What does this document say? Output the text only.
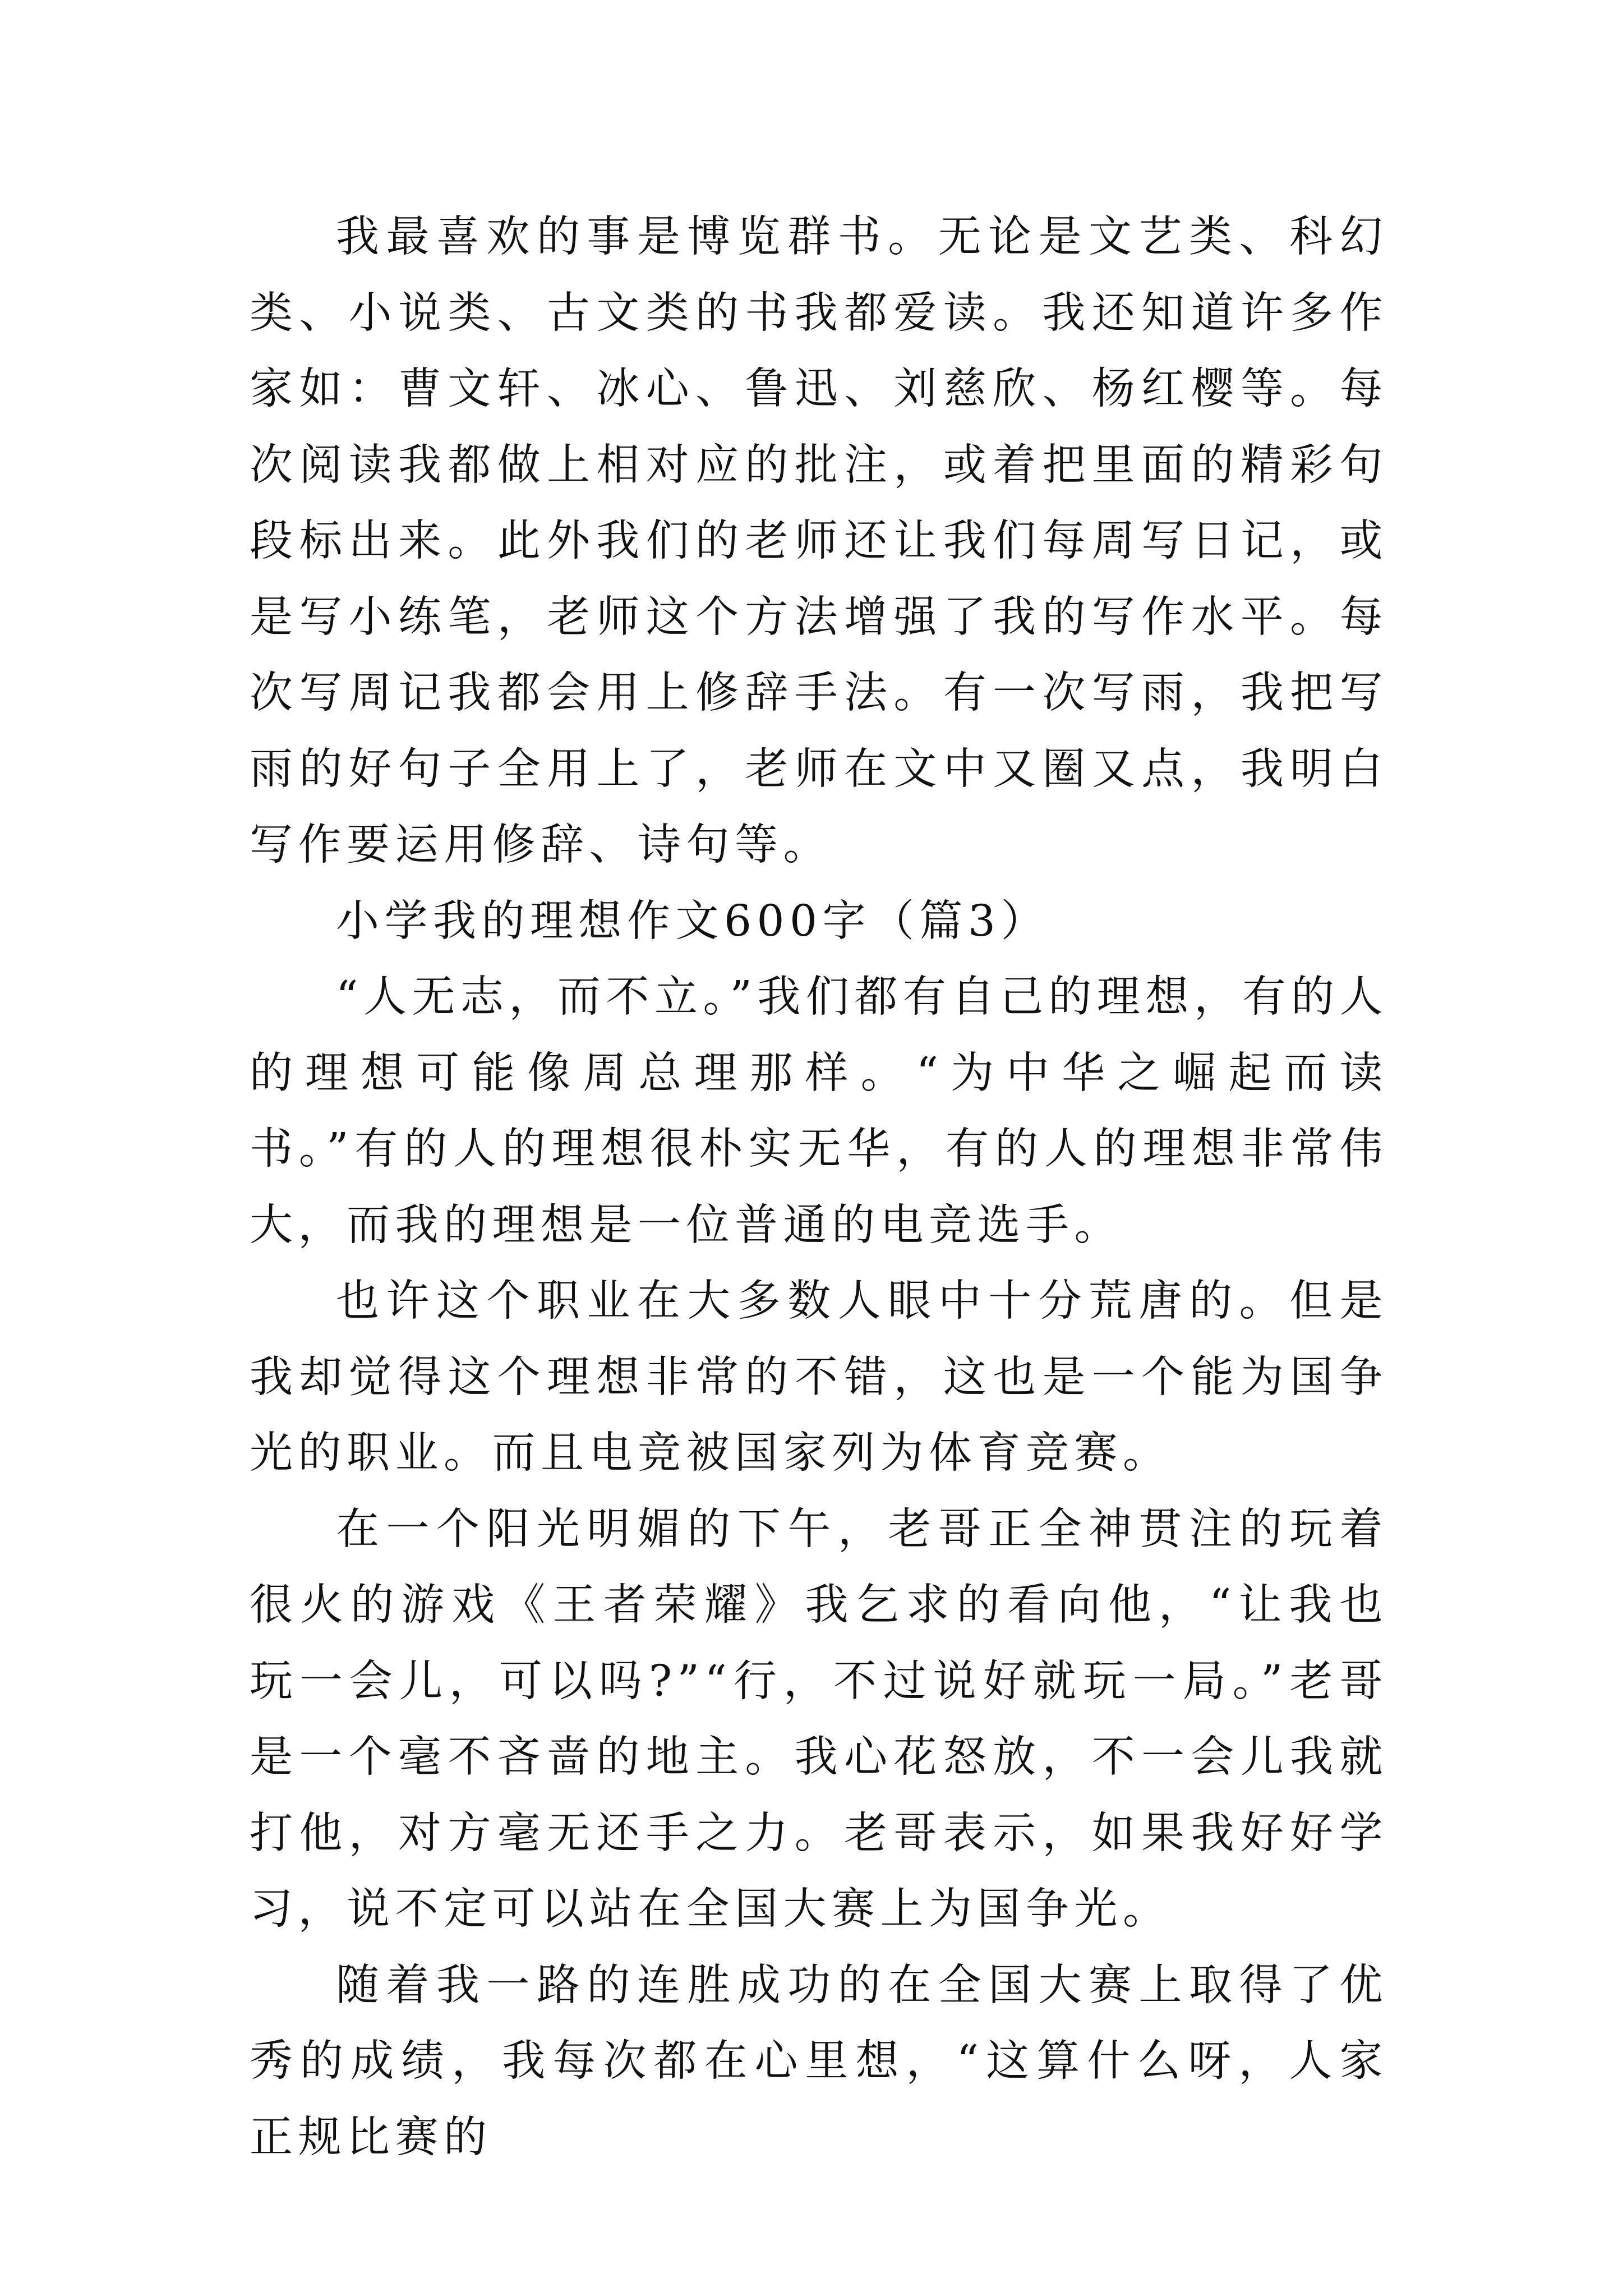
我最喜欢的事是博览群书。无论是文艺类、科幻类、小说类、古文类的书我都爱读。我还知道许多作家如：曹文轩、冰心、鲁迅、刘慈欣、杨红樱等。每次阅读我都做上相对应的批注，或着把里面的精彩句段标出来。此外我们的老师还让我们每周写日记，或是写小练笔，老师这个方法增强了我的写作水平。每次写周记我都会用上修辞手法。有一次写雨，我把写雨的好句子全用上了，老师在文中又圈又点，我明白写作要运用修辞、诗句等。

小学我的理想作文600字（篇3）

“人无志，而不立。”我们都有自己的理想，有的人的理想可能像周总理那样。“为中华之崛起而读书。”有的人的理想很朴实无华，有的人的理想非常伟大，而我的理想是一位普通的电竞选手。

也许这个职业在大多数人眼中十分荒唐的。但是我却觉得这个理想非常的不错，这也是一个能为国争光的职业。而且电竞被国家列为体育竞赛。

在一个阳光明媚的下午，老哥正全神贯注的玩着很火的游戏《王者荣耀》我乞求的看向他，“让我也玩一会儿，可以吗?”“行，不过说好就玩一局。”老哥是一个毫不吝啬的地主。我心花怒放，不一会儿我就打他，对方毫无还手之力。老哥表示，如果我好好学习，说不定可以站在全国大赛上为国争光。

随着我一路的连胜成功的在全国大赛上取得了优秀的成绩，我每次都在心里想，“这算什么呀，人家正规比赛的
